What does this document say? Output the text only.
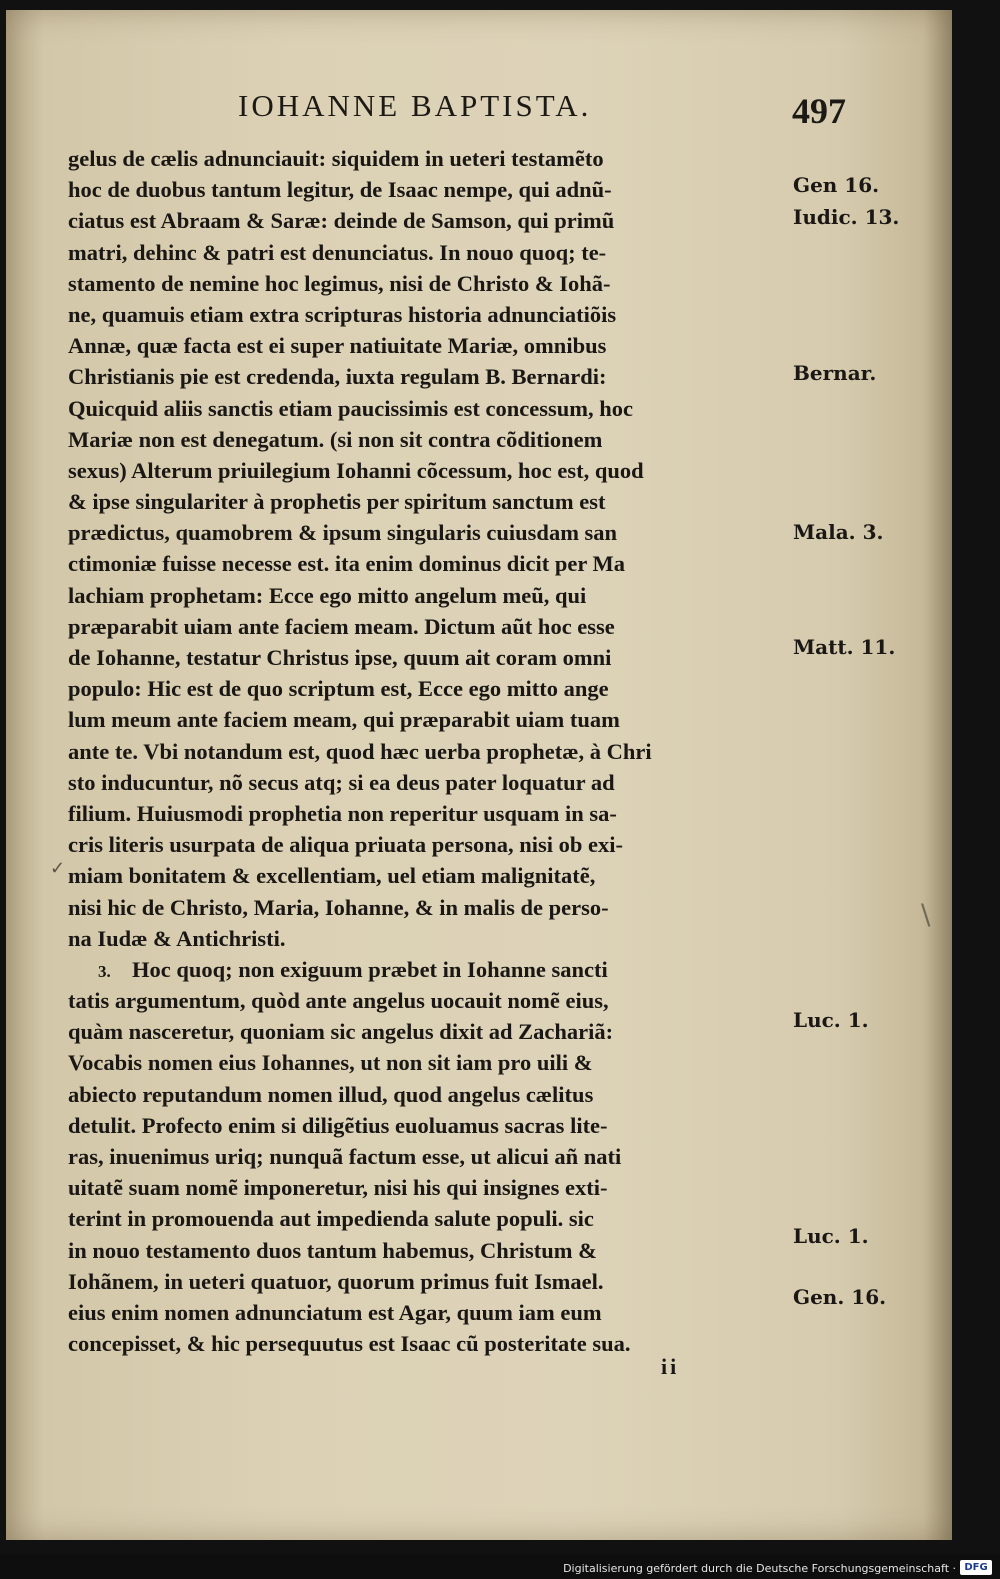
IOHANNE BAPTISTA.	497
gelus de cælis adnunciauit: siquidem in ueteri testamẽto
hoc de duobus tantum legitur, de Isaac nempe, qui adnũ-
ciatus est Abraam & Saræ: deinde de Samson, qui primũ
matri, dehinc & patri est denunciatus. In nouo quoq; te-
stamento de nemine hoc legimus, nisi de Christo & Iohã-
ne, quamuis etiam extra scripturas historia adnunciatiõis
Annæ, quæ facta est ei super natiuitate Mariæ, omnibus
Christianis pie est credenda, iuxta regulam B. Bernardi:
Quicquid aliis sanctis etiam paucissimis est concessum, hoc
Mariæ non est denegatum. (si non sit contra cõditionem
sexus) Alterum priuilegium Iohanni cõcessum, hoc est, quod
& ipse singulariter à prophetis per spiritum sanctum est
prædictus, quamobrem & ipsum singularis cuiusdam san
ctimoniæ fuisse necesse est. ita enim dominus dicit per Ma
lachiam prophetam: Ecce ego mitto angelum meũ, qui
præparabit uiam ante faciem meam. Dictum aũt hoc esse
de Iohanne, testatur Christus ipse, quum ait coram omni
populo: Hic est de quo scriptum est, Ecce ego mitto ange
lum meum ante faciem meam, qui præparabit uiam tuam
ante te. Vbi notandum est, quod hæc uerba prophetæ, à Chri
sto inducuntur, nõ secus atq; si ea deus pater loquatur ad
filium. Huiusmodi prophetia non reperitur usquam in sa-
cris literis usurpata de aliqua priuata persona, nisi ob exi-
miam bonitatem & excellentiam, uel etiam malignitatẽ,
nisi hic de Christo, Maria, Iohanne, & in malis de perso-
na Iudæ & Antichristi.
3. Hoc quoq; non exiguum præbet in Iohanne sancti
tatis argumentum, quòd ante angelus uocauit nomẽ eius,
quàm nasceretur, quoniam sic angelus dixit ad Zachariã:
Vocabis nomen eius Iohannes, ut non sit iam pro uili &
abiecto reputandum nomen illud, quod angelus cælitus
detulit. Profecto enim si diligẽtius euoluamus sacras lite-
ras, inuenimus uriq; nunquã factum esse, ut alicui añ nati
uitatẽ suam nomẽ imponeretur, nisi his qui insignes exti-
terint in promouenda aut impedienda salute populi. sic
in nouo testamento duos tantum habemus, Christum &
Iohãnem, in ueteri quatuor, quorum primus fuit Ismael.
eius enim nomen adnunciatum est Agar, quum iam eum
concepisset, & hic persequutus est Isaac cũ posteritate sua.
Gen 16.
Iudic. 13.
Bernar.
Mala. 3.
Matt. 11.
Luc. 1.
Luc. 1.
Gen. 16.
✓
\
ii
Digitalisierung gefördert durch die Deutsche Forschungsgemeinschaft · DFG
